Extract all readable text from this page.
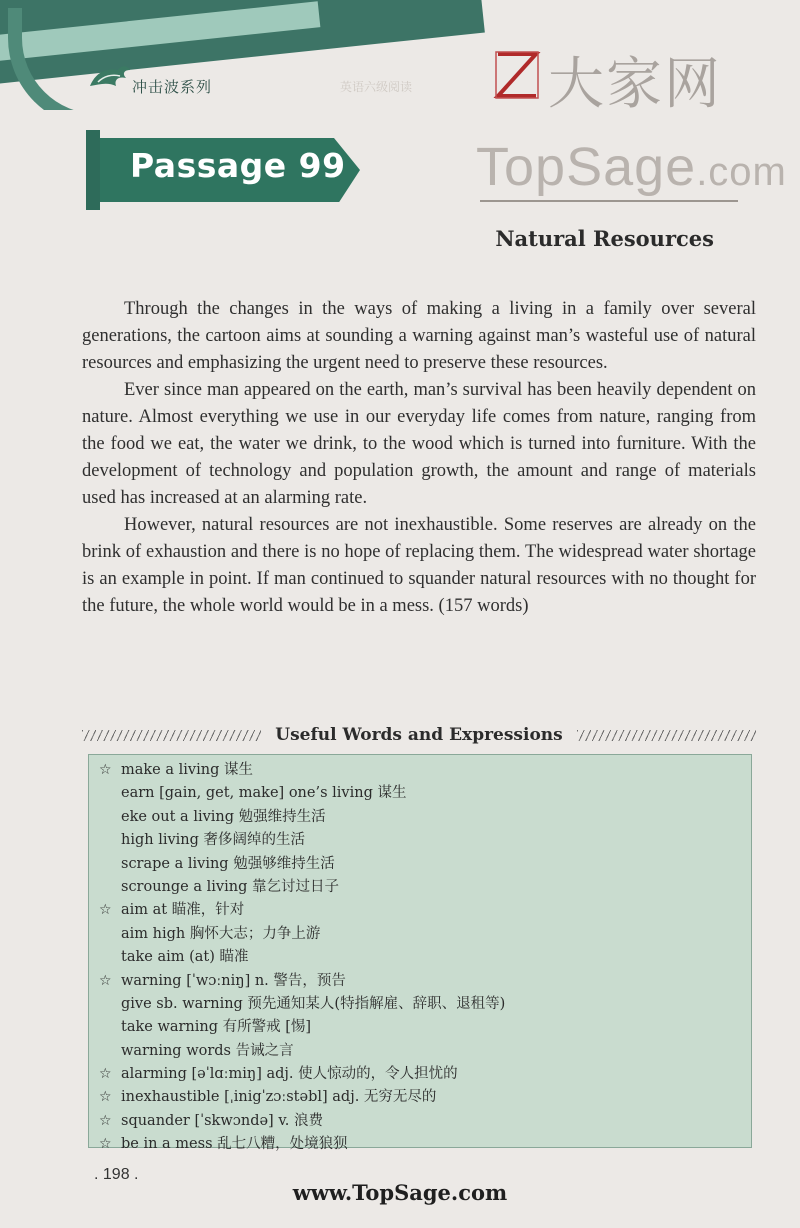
冲击波系列	英语六级阅读 大家网
TopSage.com
Passage 99
Natural Resources

Through the changes in the ways of making a living in a family over several generations, the cartoon aims at sounding a warning against man’s wasteful use of natural resources and emphasizing the urgent need to preserve these resources.

Ever since man appeared on the earth, man’s survival has been heavily dependent on nature. Almost everything we use in our everyday life comes from nature, ranging from the food we eat, the water we drink, to the wood which is turned into furniture. With the development of technology and population growth, the amount and range of materials used has increased at an alarming rate.

However, natural resources are not inexhaustible. Some reserves are already on the brink of exhaustion and there is no hope of replacing them. The widespread water shortage is an example in point. If man continued to squander natural resources with no thought for the future, the whole world would be in a mess. (157 words)

Useful Words and Expressions
☆ make a living 谋生
earn [gain, get, make] one’s living 谋生
eke out a living 勉强维持生活
high living 奢侈阔绰的生活
scrape a living 勉强够维持生活
scrounge a living 靠乞讨过日子
☆ aim at 瞄准，针对
aim high 胸怀大志；力争上游
take aim (at) 瞄准
☆ warning [ˈwɔːniŋ] n. 警告，预告
give sb. warning 预先通知某人(特指解雇、辞职、退租等)
take warning 有所警戒 [惕]
warning words 告诫之言
☆ alarming [əˈlɑːmiŋ] adj. 使人惊动的，令人担忧的
☆ inexhaustible [ˌinigˈzɔːstəbl] adj. 无穷无尽的
☆ squander [ˈskwɔndə] v. 浪费
☆ be in a mess 乱七八糟，处境狼狈
. 198 .
www.TopSage.com
